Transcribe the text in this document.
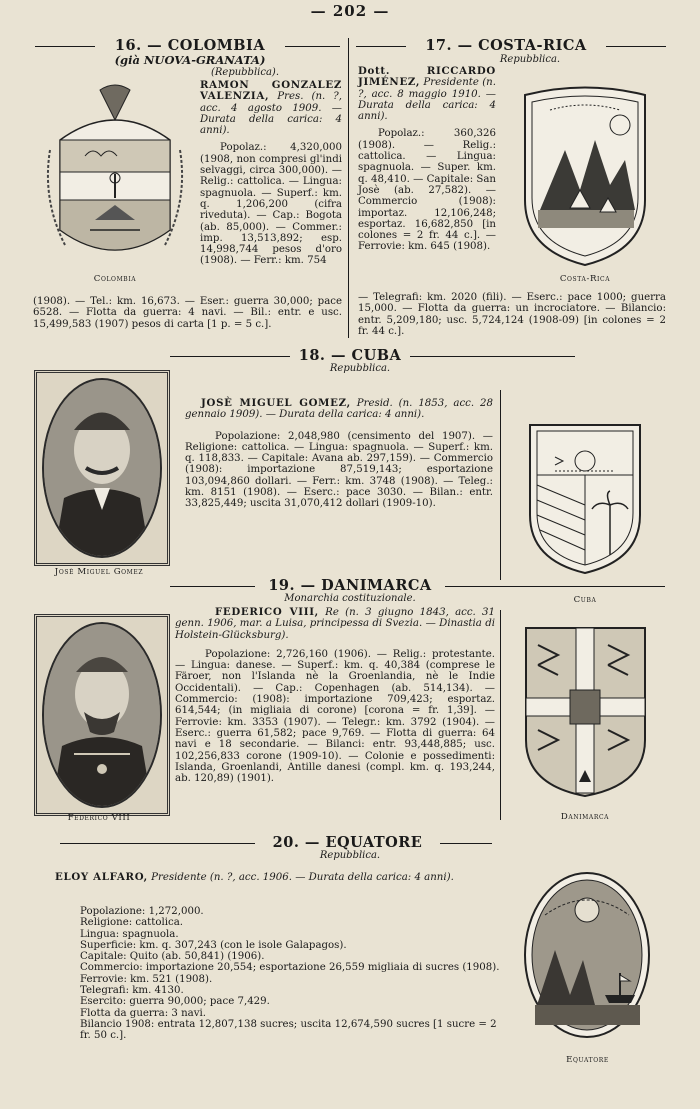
— 202 —
16. — COLOMBIA
(già NUOVA-GRANATA)
(Repubblica).
Colombia
RAMON GONZALEZ VALENZIA, Pres. (n. ?, acc. 4 agosto 1909. — Durata della carica: 4 anni).
Popolaz.: 4,320,000 (1908, non compresi gl'indi selvaggi, circa 300,000). — Relig.: cattolica. — Lingua: spagnuola. — Superf.: km. q. 1,206,200 (cifra riveduta). — Cap.: Bogota (ab. 85,000). — Commer.: imp. 13,513,892; esp. 14,998,744 pesos d'oro (1908). — Ferr.: km. 754
(1908). — Tel.: km. 16,673. — Eser.: guerra 30,000; pace 6528. — Flotta da guerra: 4 navi. — Bil.: entr. e usc. 15,499,583 (1907) pesos di carta [1 p. = 5 c.].
17. — COSTA-RICA
Repubblica.
Dott. RICCARDO JIMÉNEZ, Presidente (n. ?, acc. 8 maggio 1910. — Durata della carica: 4 anni).
Popolaz.: 360,326 (1908). — Relig.: cattolica. — Lingua: spagnuola. — Super. km. q. 48,410. — Capitale: San Josè (ab. 27,582). — Commercio (1908): importaz. 12,106,248; esportaz. 16,682,850 [in colones = 2 fr. 44 c.]. — Ferrovie: km. 645 (1908).
Costa-Rica
— Telegrafi: km. 2020 (fili). — Eserc.: pace 1000; guerra 15,000. — Flotta da guerra: un incrociatore. — Bilancio: entr. 5,209,180; usc. 5,724,124 (1908-09) [in colones = 2 fr. 44 c.].
18. — CUBA
Repubblica.
Josè Miguel Gomez
JOSÈ MIGUEL GOMEZ, Presid. (n. 1853, acc. 28 gennaio 1909). — Durata della carica: 4 anni).
Popolazione: 2,048,980 (censimento del 1907). — Religione: cattolica. — Lingua: spagnuola. — Superf.: km. q. 118,833. — Capitale: Avana ab. 297,159). — Commercio (1908): importazione 87,519,143; esportazione 103,094,860 dollari. — Ferr.: km. 3748 (1908). — Teleg.: km. 8151 (1908). — Eserc.: pace 3030. — Bilan.: entr. 33,825,449; uscita 31,070,412 dollari (1909-10).
Cuba
19. — DANIMARCA
Monarchia costituzionale.
Federico VIII
FEDERICO VIII, Re (n. 3 giugno 1843, acc. 31 genn. 1906, mar. a Luisa, principessa di Svezia. — Dinastia di Holstein-Glücksburg).
Popolazione: 2,726,160 (1906). — Relig.: protestante. — Lingua: danese. — Superf.: km. q. 40,384 (comprese le Färoer, non l'Islanda nè la Groenlandia, nè le Indie Occidentali). — Cap.: Copenhagen (ab. 514,134). — Commercio: (1908): importazione 709,423; esportaz. 614,544; (in migliaia di corone) [corona = fr. 1,39]. — Ferrovie: km. 3353 (1907). — Telegr.: km. 3792 (1904). — Eserc.: guerra 61,582; pace 9,769. — Flotta di guerra: 64 navi e 18 secondarie. — Bilanci: entr. 93,448,885; usc. 102,256,833 corone (1909-10). — Colonie e possedimenti: Islanda, Groenlandi, Antille danesi (compl. km. q. 193,244, ab. 120,89) (1901).
Danimarca
20. — EQUATORE
Repubblica.
ELOY ALFARO, Presidente (n. ?, acc. 1906. — Durata della carica: 4 anni).
Popolazione: 1,272,000.
Religione: cattolica.
Lingua: spagnuola.
Superficie: km. q. 307,243 (con le isole Galapagos).
Capitale: Quito (ab. 50,841) (1906).
Commercio: importazione 20,554; esportazione 26,559 migliaia di sucres (1908).
Ferrovie: km. 521 (1908).
Telegrafi: km. 4130.
Esercito: guerra 90,000; pace 7,429.
Flotta da guerra: 3 navi.
Bilancio 1908: entrata 12,807,138 sucres; uscita 12,674,590 sucres [1 sucre = 2 fr. 50 c.].
Equatore
